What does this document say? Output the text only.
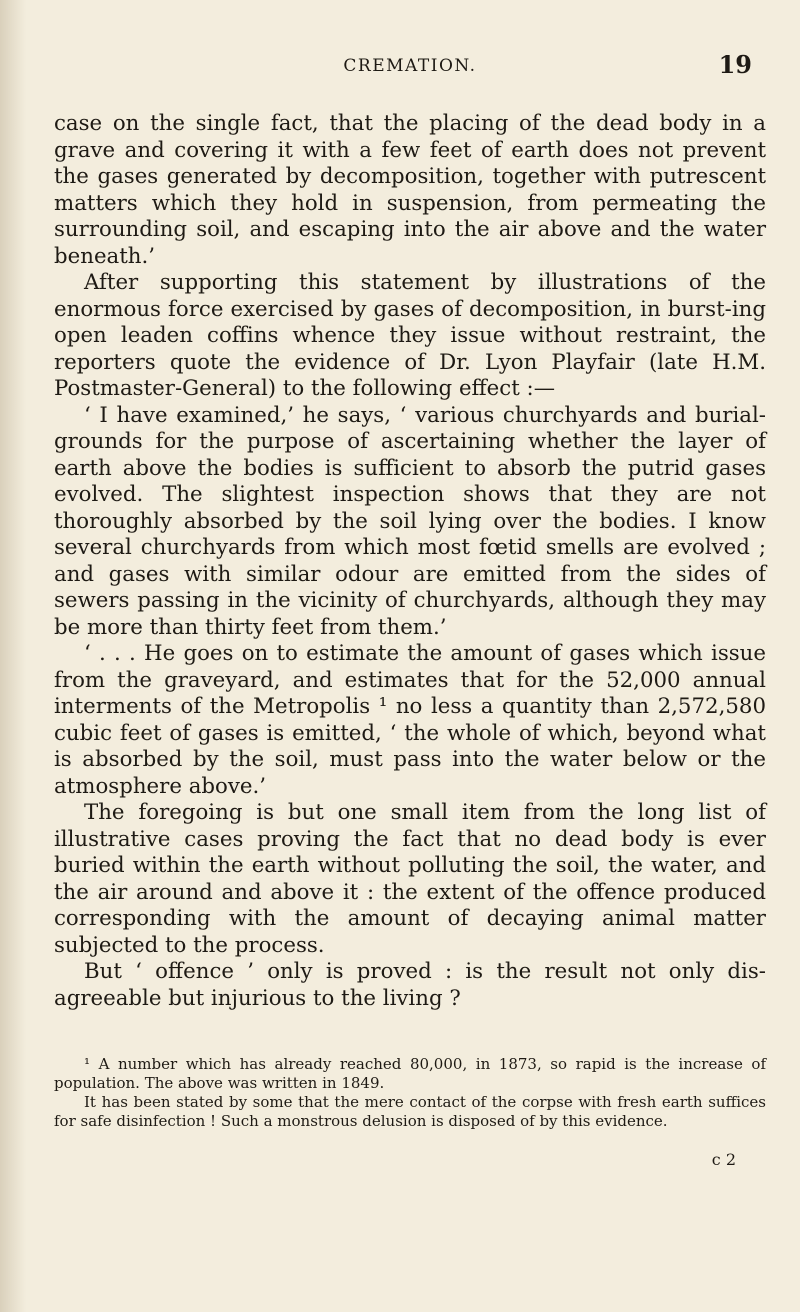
CREMATION.	19

case on the single fact, that the placing of the dead body in a grave and covering it with a few feet of earth does not prevent the gases generated by decomposition, together with putrescent matters which they hold in suspension, from permeating the surrounding soil, and escaping into the air above and the water beneath.’

After supporting this statement by illustrations of the enormous force exercised by gases of decomposition, in burst-ing open leaden coffins whence they issue without restraint, the reporters quote the evidence of Dr. Lyon Playfair (late H.M. Postmaster-General) to the following effect :—

‘ I have examined,’ he says, ‘ various churchyards and burial-grounds for the purpose of ascertaining whether the layer of earth above the bodies is sufficient to absorb the putrid gases evolved. The slightest inspection shows that they are not thoroughly absorbed by the soil lying over the bodies. I know several churchyards from which most fœtid smells are evolved ; and gases with similar odour are emitted from the sides of sewers passing in the vicinity of churchyards, although they may be more than thirty feet from them.’

‘ . . . He goes on to estimate the amount of gases which issue from the graveyard, and estimates that for the 52,000 annual interments of the Metropolis ¹ no less a quantity than 2,572,580 cubic feet of gases is emitted, ‘ the whole of which, beyond what is absorbed by the soil, must pass into the water below or the atmosphere above.’

The foregoing is but one small item from the long list of illustrative cases proving the fact that no dead body is ever buried within the earth without polluting the soil, the water, and the air around and above it : the extent of the offence produced corresponding with the amount of decaying animal matter subjected to the process.

But ‘ offence ’ only is proved : is the result not only dis-agreeable but injurious to the living ?

¹ A number which has already reached 80,000, in 1873, so rapid is the increase of population. The above was written in 1849.

It has been stated by some that the mere contact of the corpse with fresh earth suffices for safe disinfection ! Such a monstrous delusion is disposed of by this evidence.

c 2
